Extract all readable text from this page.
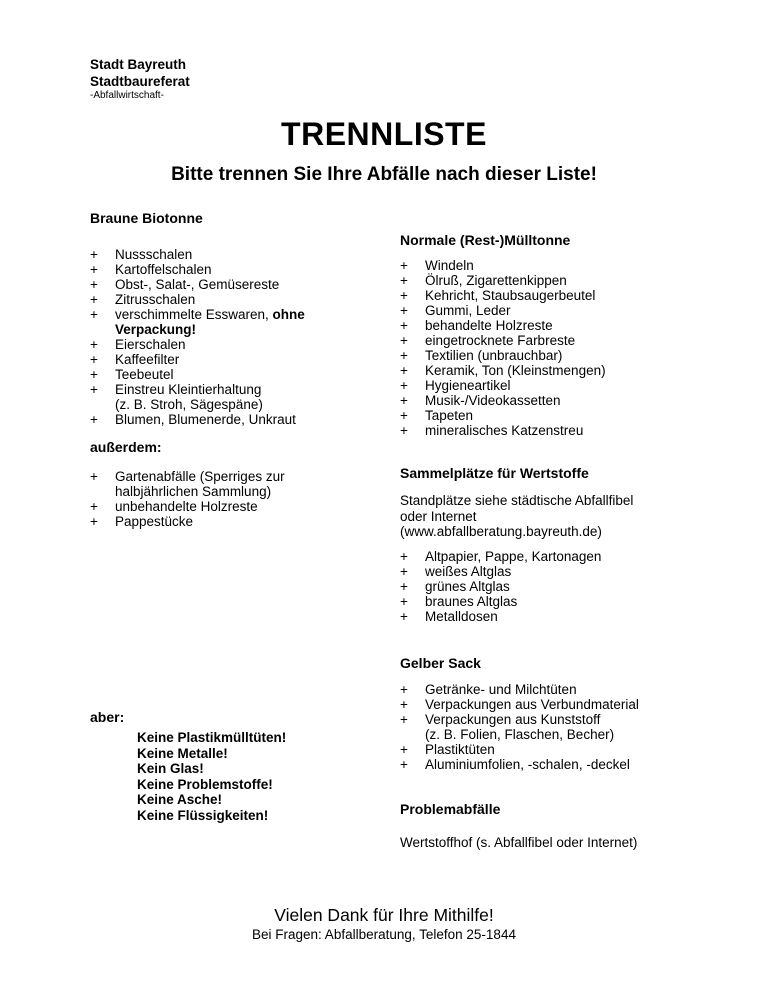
Stadt Bayreuth
Stadtbaureferat
-Abfallwirtschaft-
TRENNLISTE
Bitte trennen Sie Ihre Abfälle nach dieser Liste!
Braune Biotonne
+ Nussschalen
+ Kartoffelschalen
+ Obst-, Salat-, Gemüsereste
+ Zitrusschalen
+ verschimmelte Esswaren, ohne
Verpackung!
+ Eierschalen
+ Kaffeefilter
+ Teebeutel
+ Einstreu Kleintierhaltung
(z. B. Stroh, Sägespäne)
+ Blumen, Blumenerde, Unkraut
außerdem:
+ Gartenabfälle (Sperriges zur
halbjährlichen Sammlung)
+ unbehandelte Holzreste
+ Pappestücke
aber:
Keine Plastikmülltüten!
Keine Metalle!
Kein Glas!
Keine Problemstoffe!
Keine Asche!
Keine Flüssigkeiten!
Normale (Rest-)Mülltonne
+ Windeln
+ Ölruß, Zigarettenkippen
+ Kehricht, Staubsaugerbeutel
+ Gummi, Leder
+ behandelte Holzreste
+ eingetrocknete Farbreste
+ Textilien (unbrauchbar)
+ Keramik, Ton (Kleinstmengen)
+ Hygieneartikel
+ Musik-/Videokassetten
+ Tapeten
+ mineralisches Katzenstreu
Sammelplätze für Wertstoffe
Standplätze siehe städtische Abfallfibel
oder Internet
(www.abfallberatung.bayreuth.de)
+ Altpapier, Pappe, Kartonagen
+ weißes Altglas
+ grünes Altglas
+ braunes Altglas
+ Metalldosen
Gelber Sack
+ Getränke- und Milchtüten
+ Verpackungen aus Verbundmaterial
+ Verpackungen aus Kunststoff
(z. B. Folien, Flaschen, Becher)
+ Plastiktüten
+ Aluminiumfolien, -schalen, -deckel
Problemabfälle
Wertstoffhof (s. Abfallfibel oder Internet)
Vielen Dank für Ihre Mithilfe!
Bei Fragen: Abfallberatung, Telefon 25-1844
